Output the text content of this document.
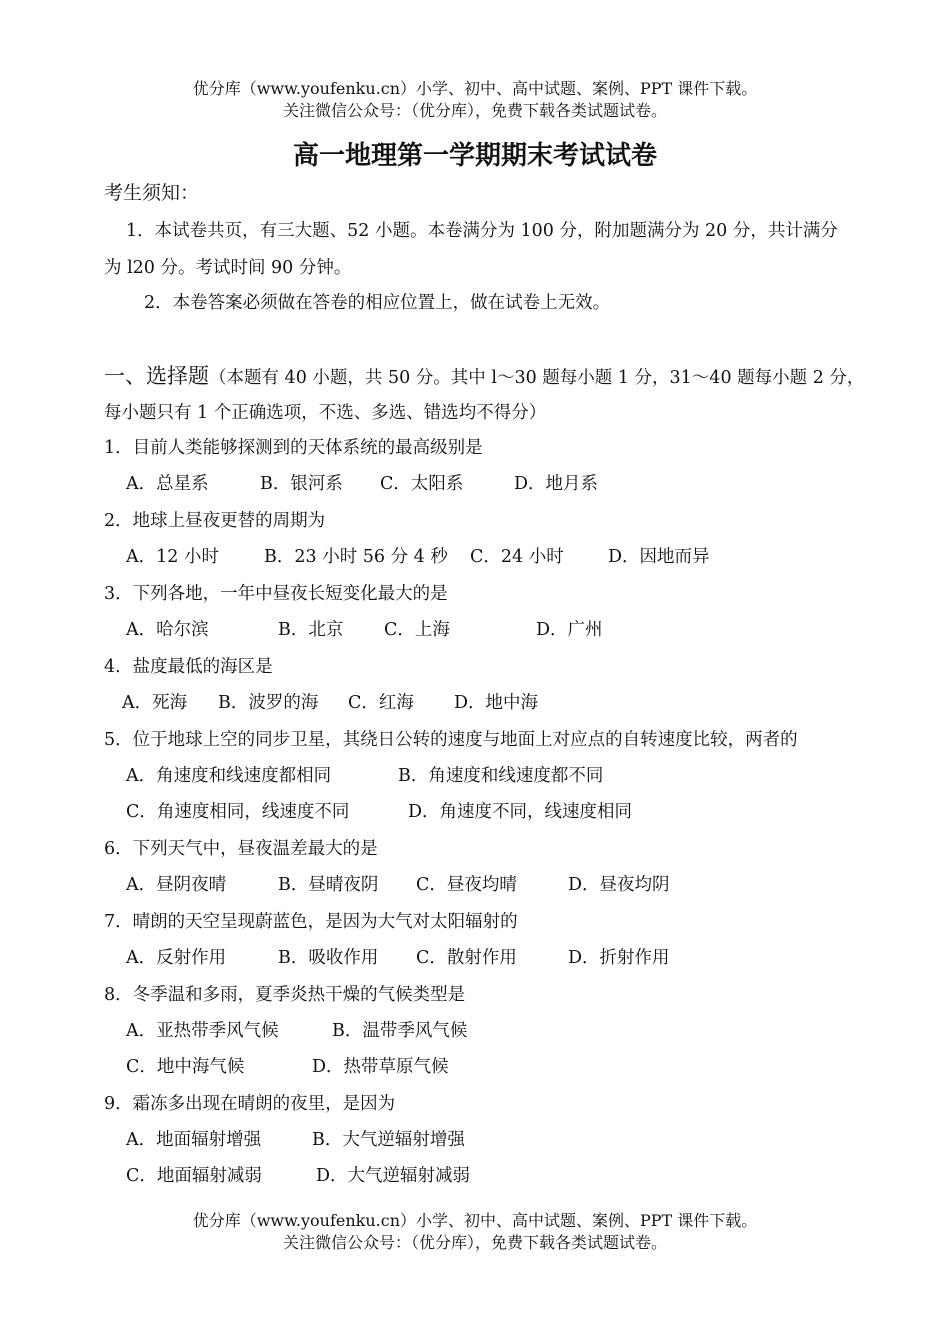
优分库（www.youfenku.cn）小学、初中、高中试题、案例、PPT 课件下载。
关注微信公众号：（优分库），免费下载各类试题试卷。
高一地理第一学期期末考试试卷
考生须知：
1．本试卷共页，有三大题、52 小题。本卷满分为 100 分，附加题满分为 20 分，共计满分
为 l20 分。考试时间 90 分钟。
2．本卷答案必须做在答卷的相应位置上，做在试卷上无效。
一、选择题（本题有 40 小题，共 50 分。其中 l～30 题每小题 1 分，31～40 题每小题 2 分，
每小题只有 1 个正确选项，不选、多选、错选均不得分）
1．目前人类能够探测到的天体系统的最高级别是
A．总星系	B．银河系 C．太阳系	D．地月系
2．地球上昼夜更替的周期为
A．12 小时	B．23 小时 56 分 4 秒 C．24 小时	D．因地而异
3．下列各地，一年中昼夜长短变化最大的是
A．哈尔滨	B．北京 C．上海	D．广州
4．盐度最低的海区是
A．死海 B．波罗的海 C．红海 D．地中海
5．位于地球上空的同步卫星，其绕日公转的速度与地面上对应点的自转速度比较，两者的
A．角速度和线速度都相同	B．角速度和线速度都不同
C．角速度相同，线速度不同	D．角速度不同，线速度相同
6．下列天气中，昼夜温差最大的是
A．昼阴夜晴	B．昼晴夜阴 C．昼夜均晴	D．昼夜均阴
7．晴朗的天空呈现蔚蓝色，是因为大气对太阳辐射的
A．反射作用	B．吸收作用 C．散射作用	D．折射作用
8．冬季温和多雨，夏季炎热干燥的气候类型是
A．亚热带季风气候	B．温带季风气候
C．地中海气候	D．热带草原气候
9．霜冻多出现在晴朗的夜里，是因为
A．地面辐射增强	B．大气逆辐射增强
C．地面辐射减弱	D．大气逆辐射减弱
优分库（www.youfenku.cn）小学、初中、高中试题、案例、PPT 课件下载。
关注微信公众号：（优分库），免费下载各类试题试卷。
